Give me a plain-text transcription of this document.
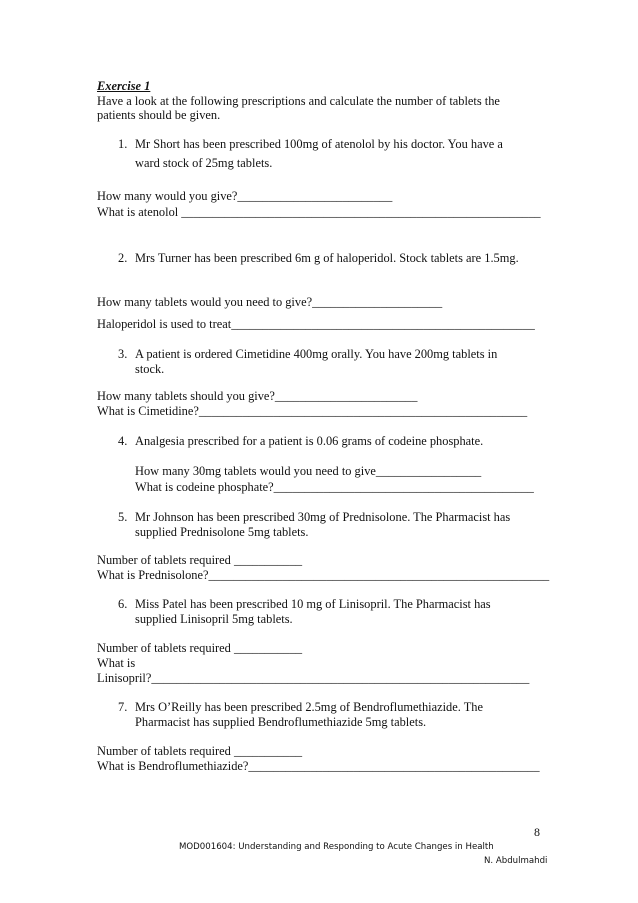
Exercise 1
Have a look at the following prescriptions and calculate the number of tablets the
patients should be given.
1. Mr Short has been prescribed 100mg of atenolol by his doctor. You have a
ward stock of 25mg tablets.
How many would you give?_________________________
What is atenolol __________________________________________________________
2. Mrs Turner has been prescribed 6m g of haloperidol. Stock tablets are 1.5mg.
How many tablets would you need to give?_____________________
Haloperidol is used to treat_________________________________________________
3. A patient is ordered Cimetidine 400mg orally. You have 200mg tablets in
stock.
How many tablets should you give?_______________________
What is Cimetidine?_____________________________________________________
4. Analgesia prescribed for a patient is 0.06 grams of codeine phosphate.
How many 30mg tablets would you need to give_________________
What is codeine phosphate?__________________________________________
5. Mr Johnson has been prescribed 30mg of Prednisolone. The Pharmacist has
supplied Prednisolone 5mg tablets.
Number of tablets required ___________
What is Prednisolone?_______________________________________________________
6. Miss Patel has been prescribed 10 mg of Linisopril. The Pharmacist has
supplied Linisopril 5mg tablets.
Number of tablets required ___________
What is
Linisopril?_____________________________________________________________
7. Mrs O’Reilly has been prescribed 2.5mg of Bendroflumethiazide. The
Pharmacist has supplied Bendroflumethiazide 5mg tablets.
Number of tablets required ___________
What is Bendroflumethiazide?_______________________________________________
8
MOD001604: Understanding and Responding to Acute Changes in Health
N. Abdulmahdi
